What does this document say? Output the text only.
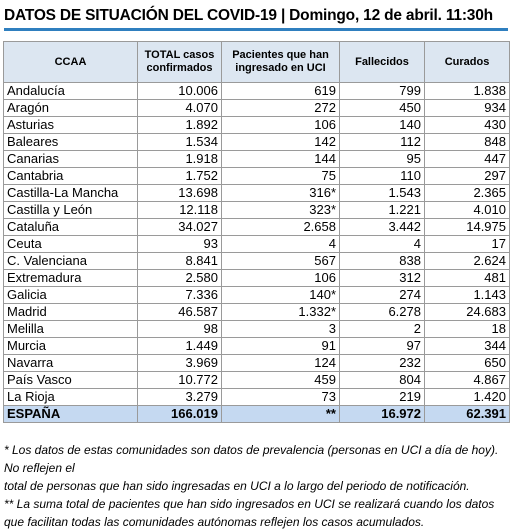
DATOS DE SITUACIÓN DEL COVID-19 | Domingo, 12 de abril. 11:30h
CCAA	TOTAL casos confirmados	Pacientes que han ingresado en UCI	Fallecidos	Curados
Andalucía	10.006	619	799	1.838
Aragón	4.070	272	450	934
Asturias	1.892	106	140	430
Baleares	1.534	142	112	848
Canarias	1.918	144	95	447
Cantabria	1.752	75	110	297
Castilla-La Mancha	13.698	316*	1.543	2.365
Castilla y León	12.118	323*	1.221	4.010
Cataluña	34.027	2.658	3.442	14.975
Ceuta	93	4	4	17
C. Valenciana	8.841	567	838	2.624
Extremadura	2.580	106	312	481
Galicia	7.336	140*	274	1.143
Madrid	46.587	1.332*	6.278	24.683
Melilla	98	3	2	18
Murcia	1.449	91	97	344
Navarra	3.969	124	232	650
País Vasco	10.772	459	804	4.867
La Rioja	3.279	73	219	1.420
ESPAÑA	166.019	**	16.972	62.391

* Los datos de estas comunidades son datos de prevalencia (personas en UCI a día de hoy).

No reflejen el

total de personas que han sido ingresadas en UCI a lo largo del periodo de notificación.

** La suma total de pacientes que han sido ingresados en UCI se realizará cuando los datos

que facilitan todas las comunidades autónomas reflejen los casos acumulados.
